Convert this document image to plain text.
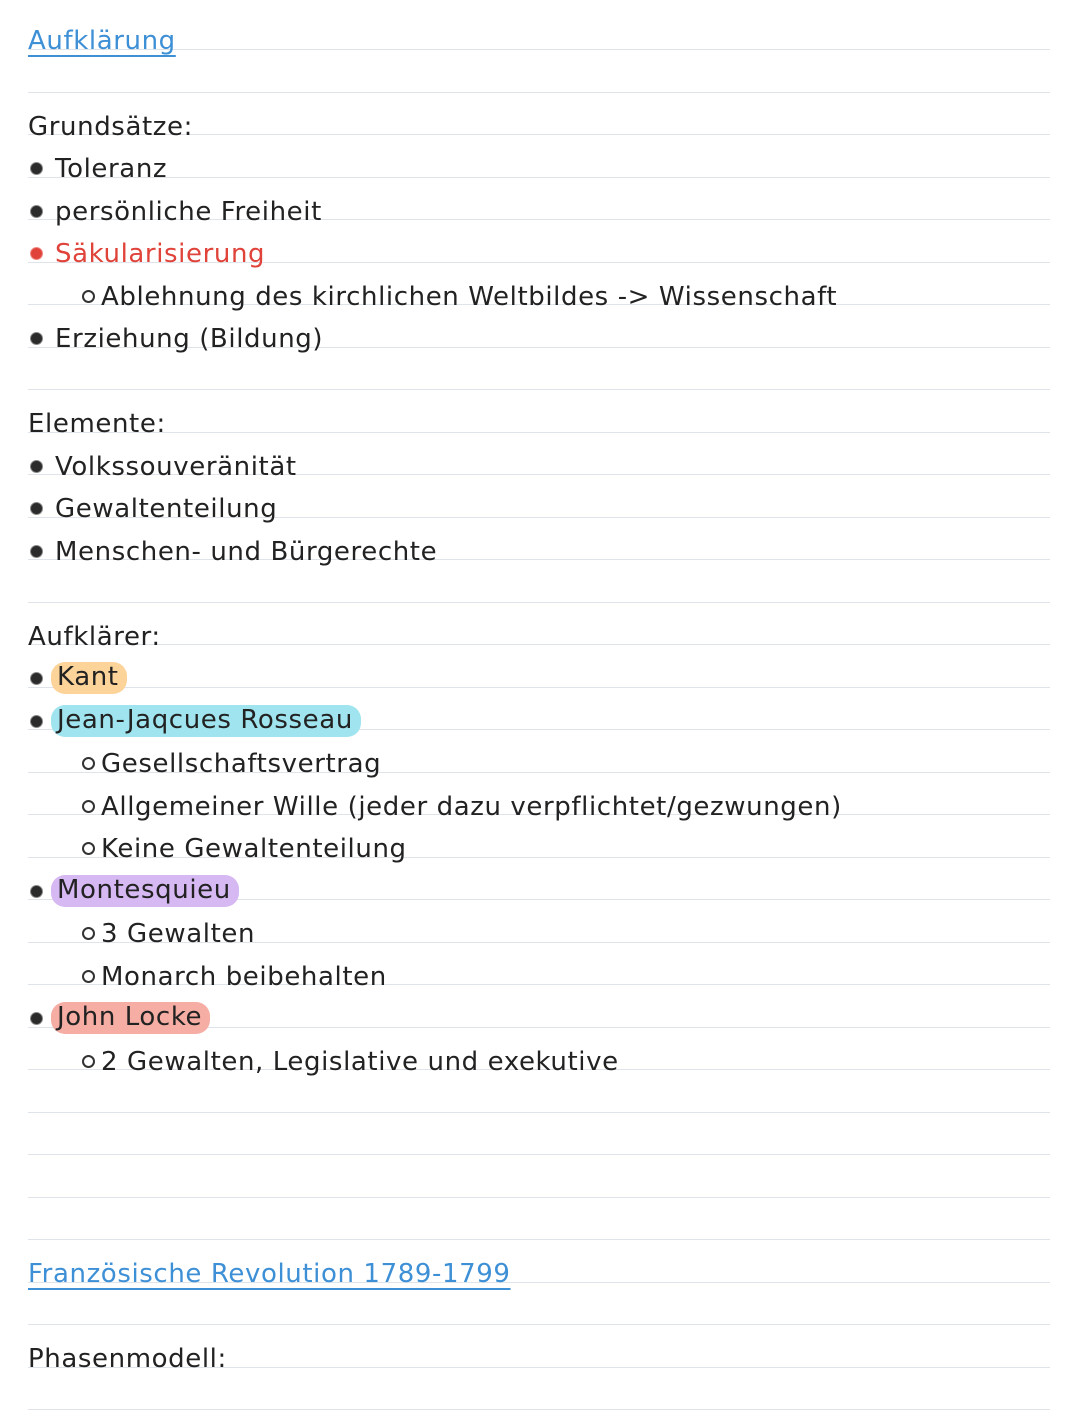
Aufklärung
Grundsätze:
Toleranz
persönliche Freiheit
Säkularisierung
Ablehnung des kirchlichen Weltbildes -> Wissenschaft
Erziehung (Bildung)
Elemente:
Volkssouveränität
Gewaltenteilung
Menschen- und Bürgerechte
Aufklärer:
Kant
Jean-Jaqcues Rosseau
Gesellschaftsvertrag
Allgemeiner Wille (jeder dazu verpflichtet/gezwungen)
Keine Gewaltenteilung
Montesquieu
3 Gewalten
Monarch beibehalten
John Locke
2 Gewalten, Legislative und exekutive
Französische Revolution 1789-1799
Phasenmodell:
